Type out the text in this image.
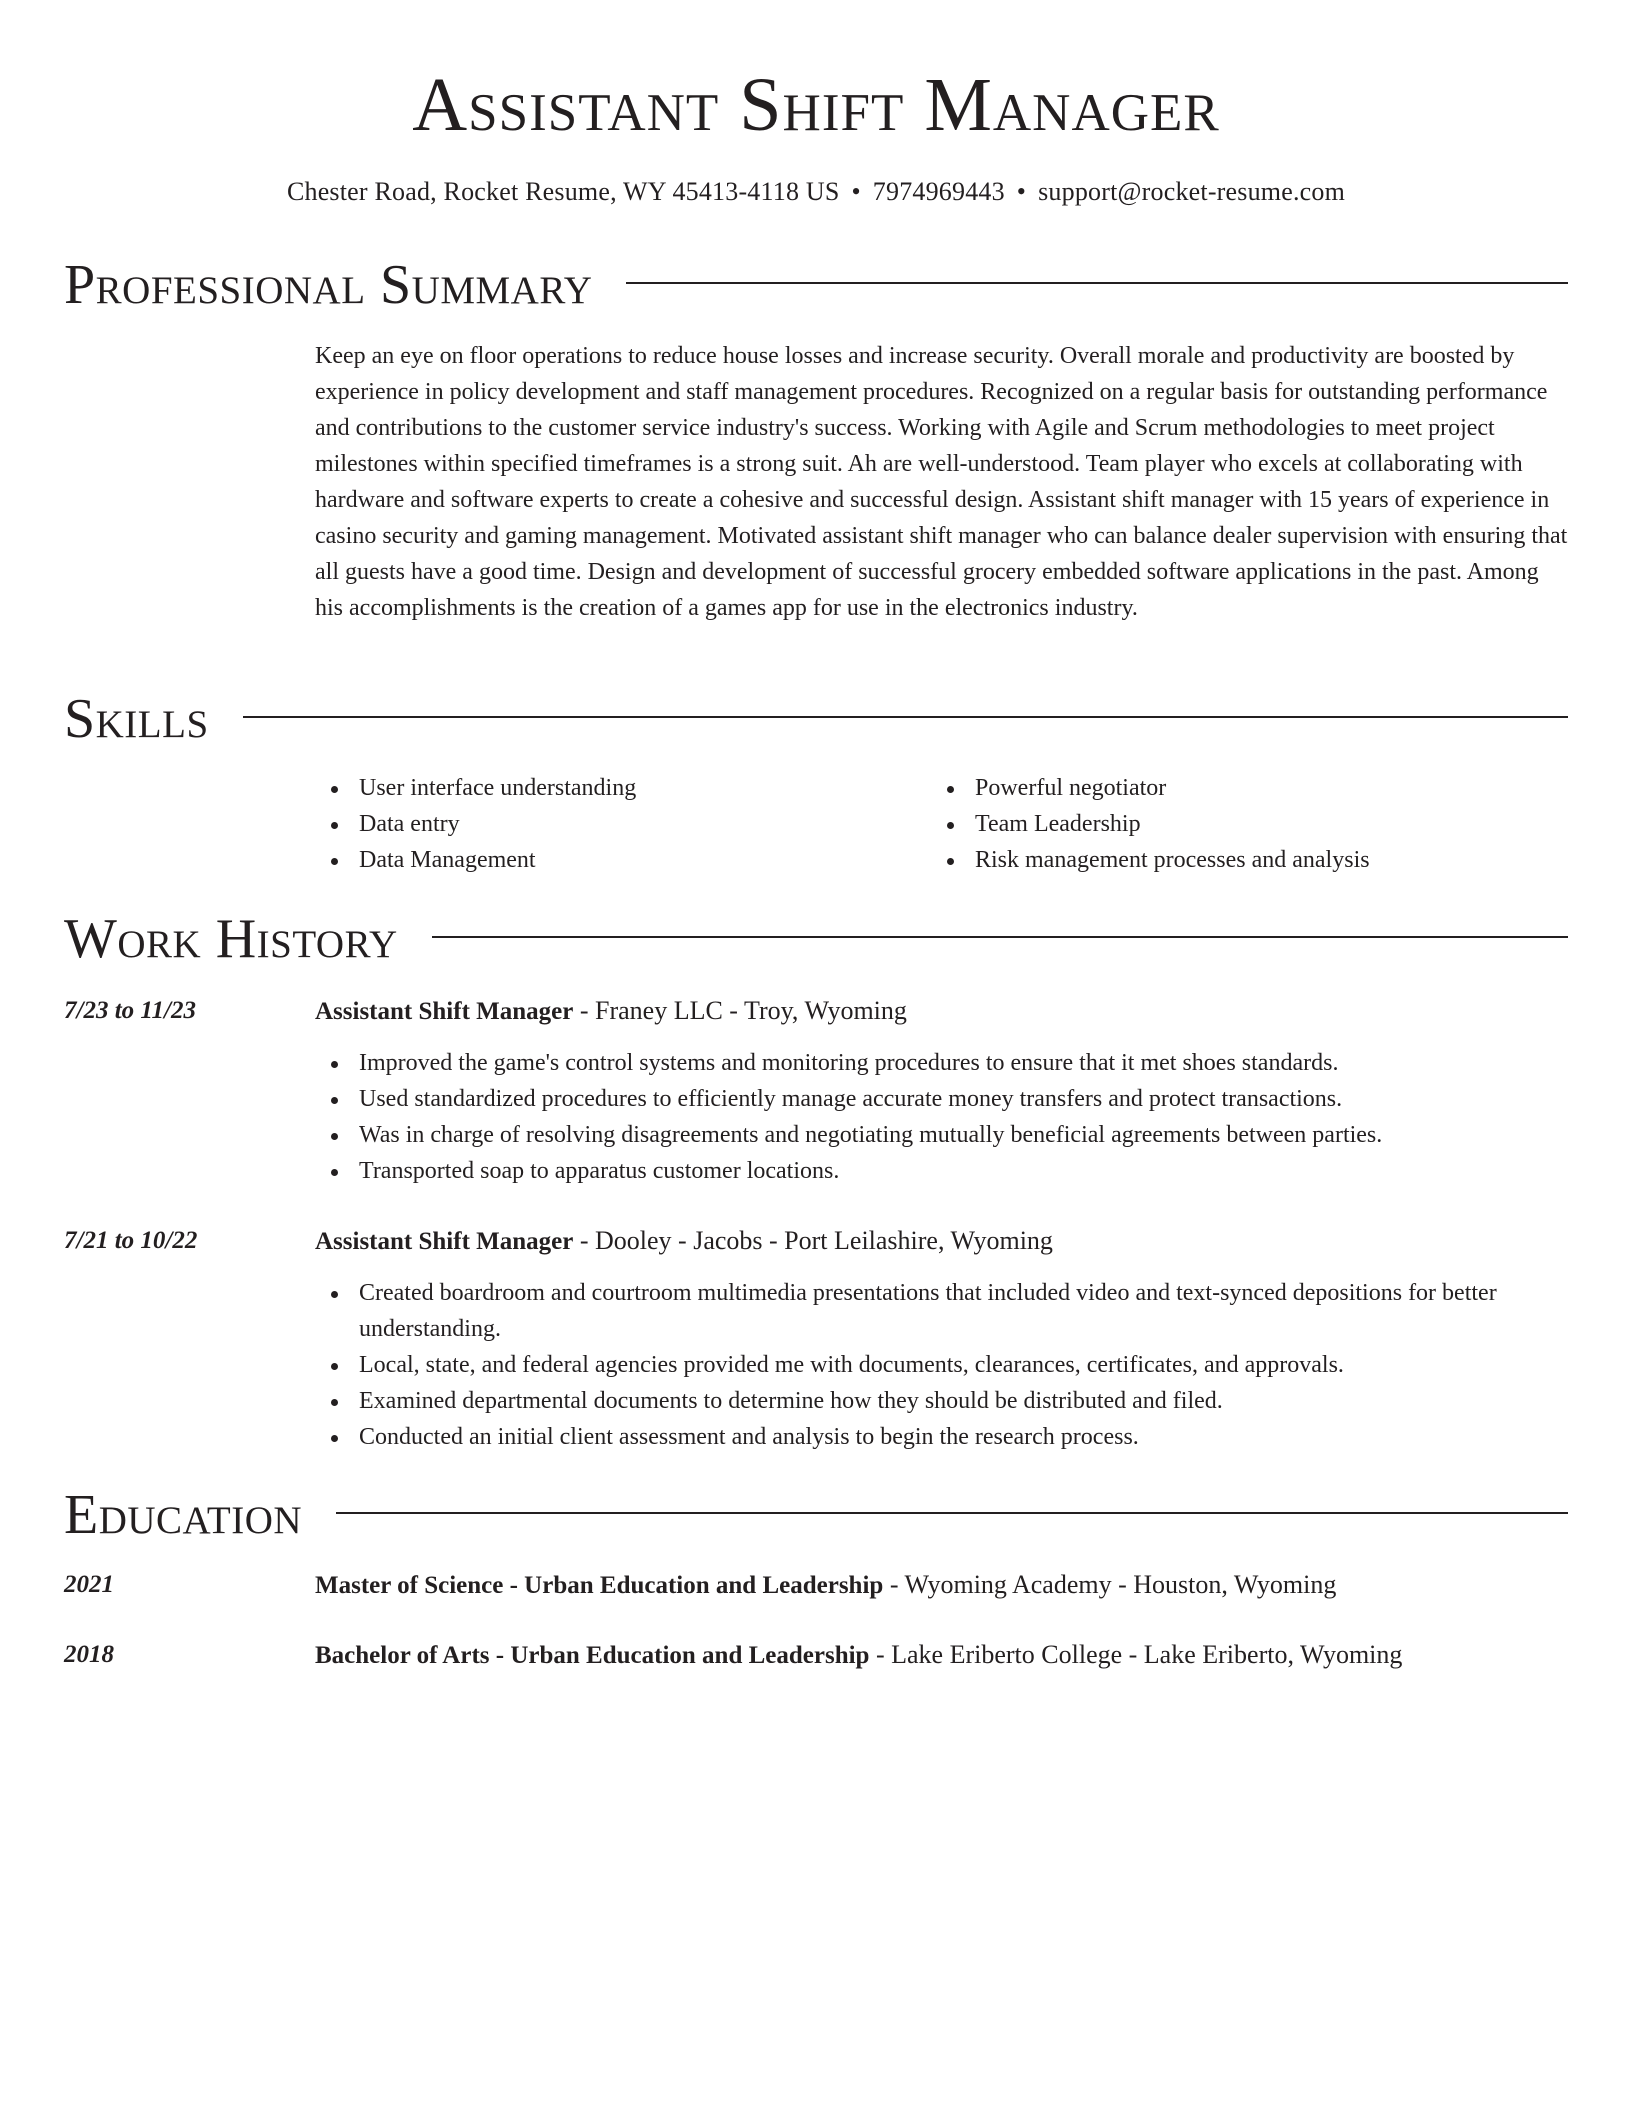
Assistant Shift Manager
Chester Road, Rocket Resume, WY 45413-4118 US • 7974969443 • support@rocket-resume.com
Professional Summary
Keep an eye on floor operations to reduce house losses and increase security. Overall morale and productivity are boosted by experience in policy development and staff management procedures. Recognized on a regular basis for outstanding performance and contributions to the customer service industry's success. Working with Agile and Scrum methodologies to meet project milestones within specified timeframes is a strong suit. Ah are well-understood. Team player who excels at collaborating with hardware and software experts to create a cohesive and successful design. Assistant shift manager with 15 years of experience in casino security and gaming management. Motivated assistant shift manager who can balance dealer supervision with ensuring that all guests have a good time. Design and development of successful grocery embedded software applications in the past. Among his accomplishments is the creation of a games app for use in the electronics industry.
Skills
User interface understanding
Data entry
Data Management
Powerful negotiator
Team Leadership
Risk management processes and analysis
Work History
7/23 to 11/23	Assistant Shift Manager - Franey LLC - Troy, Wyoming
Improved the game's control systems and monitoring procedures to ensure that it met shoes standards.
Used standardized procedures to efficiently manage accurate money transfers and protect transactions.
Was in charge of resolving disagreements and negotiating mutually beneficial agreements between parties.
Transported soap to apparatus customer locations.
7/21 to 10/22	Assistant Shift Manager - Dooley - Jacobs - Port Leilashire, Wyoming
Created boardroom and courtroom multimedia presentations that included video and text-synced depositions for better understanding.
Local, state, and federal agencies provided me with documents, clearances, certificates, and approvals.
Examined departmental documents to determine how they should be distributed and filed.
Conducted an initial client assessment and analysis to begin the research process.
Education
2021	Master of Science - Urban Education and Leadership - Wyoming Academy - Houston, Wyoming
2018	Bachelor of Arts - Urban Education and Leadership - Lake Eriberto College - Lake Eriberto, Wyoming
